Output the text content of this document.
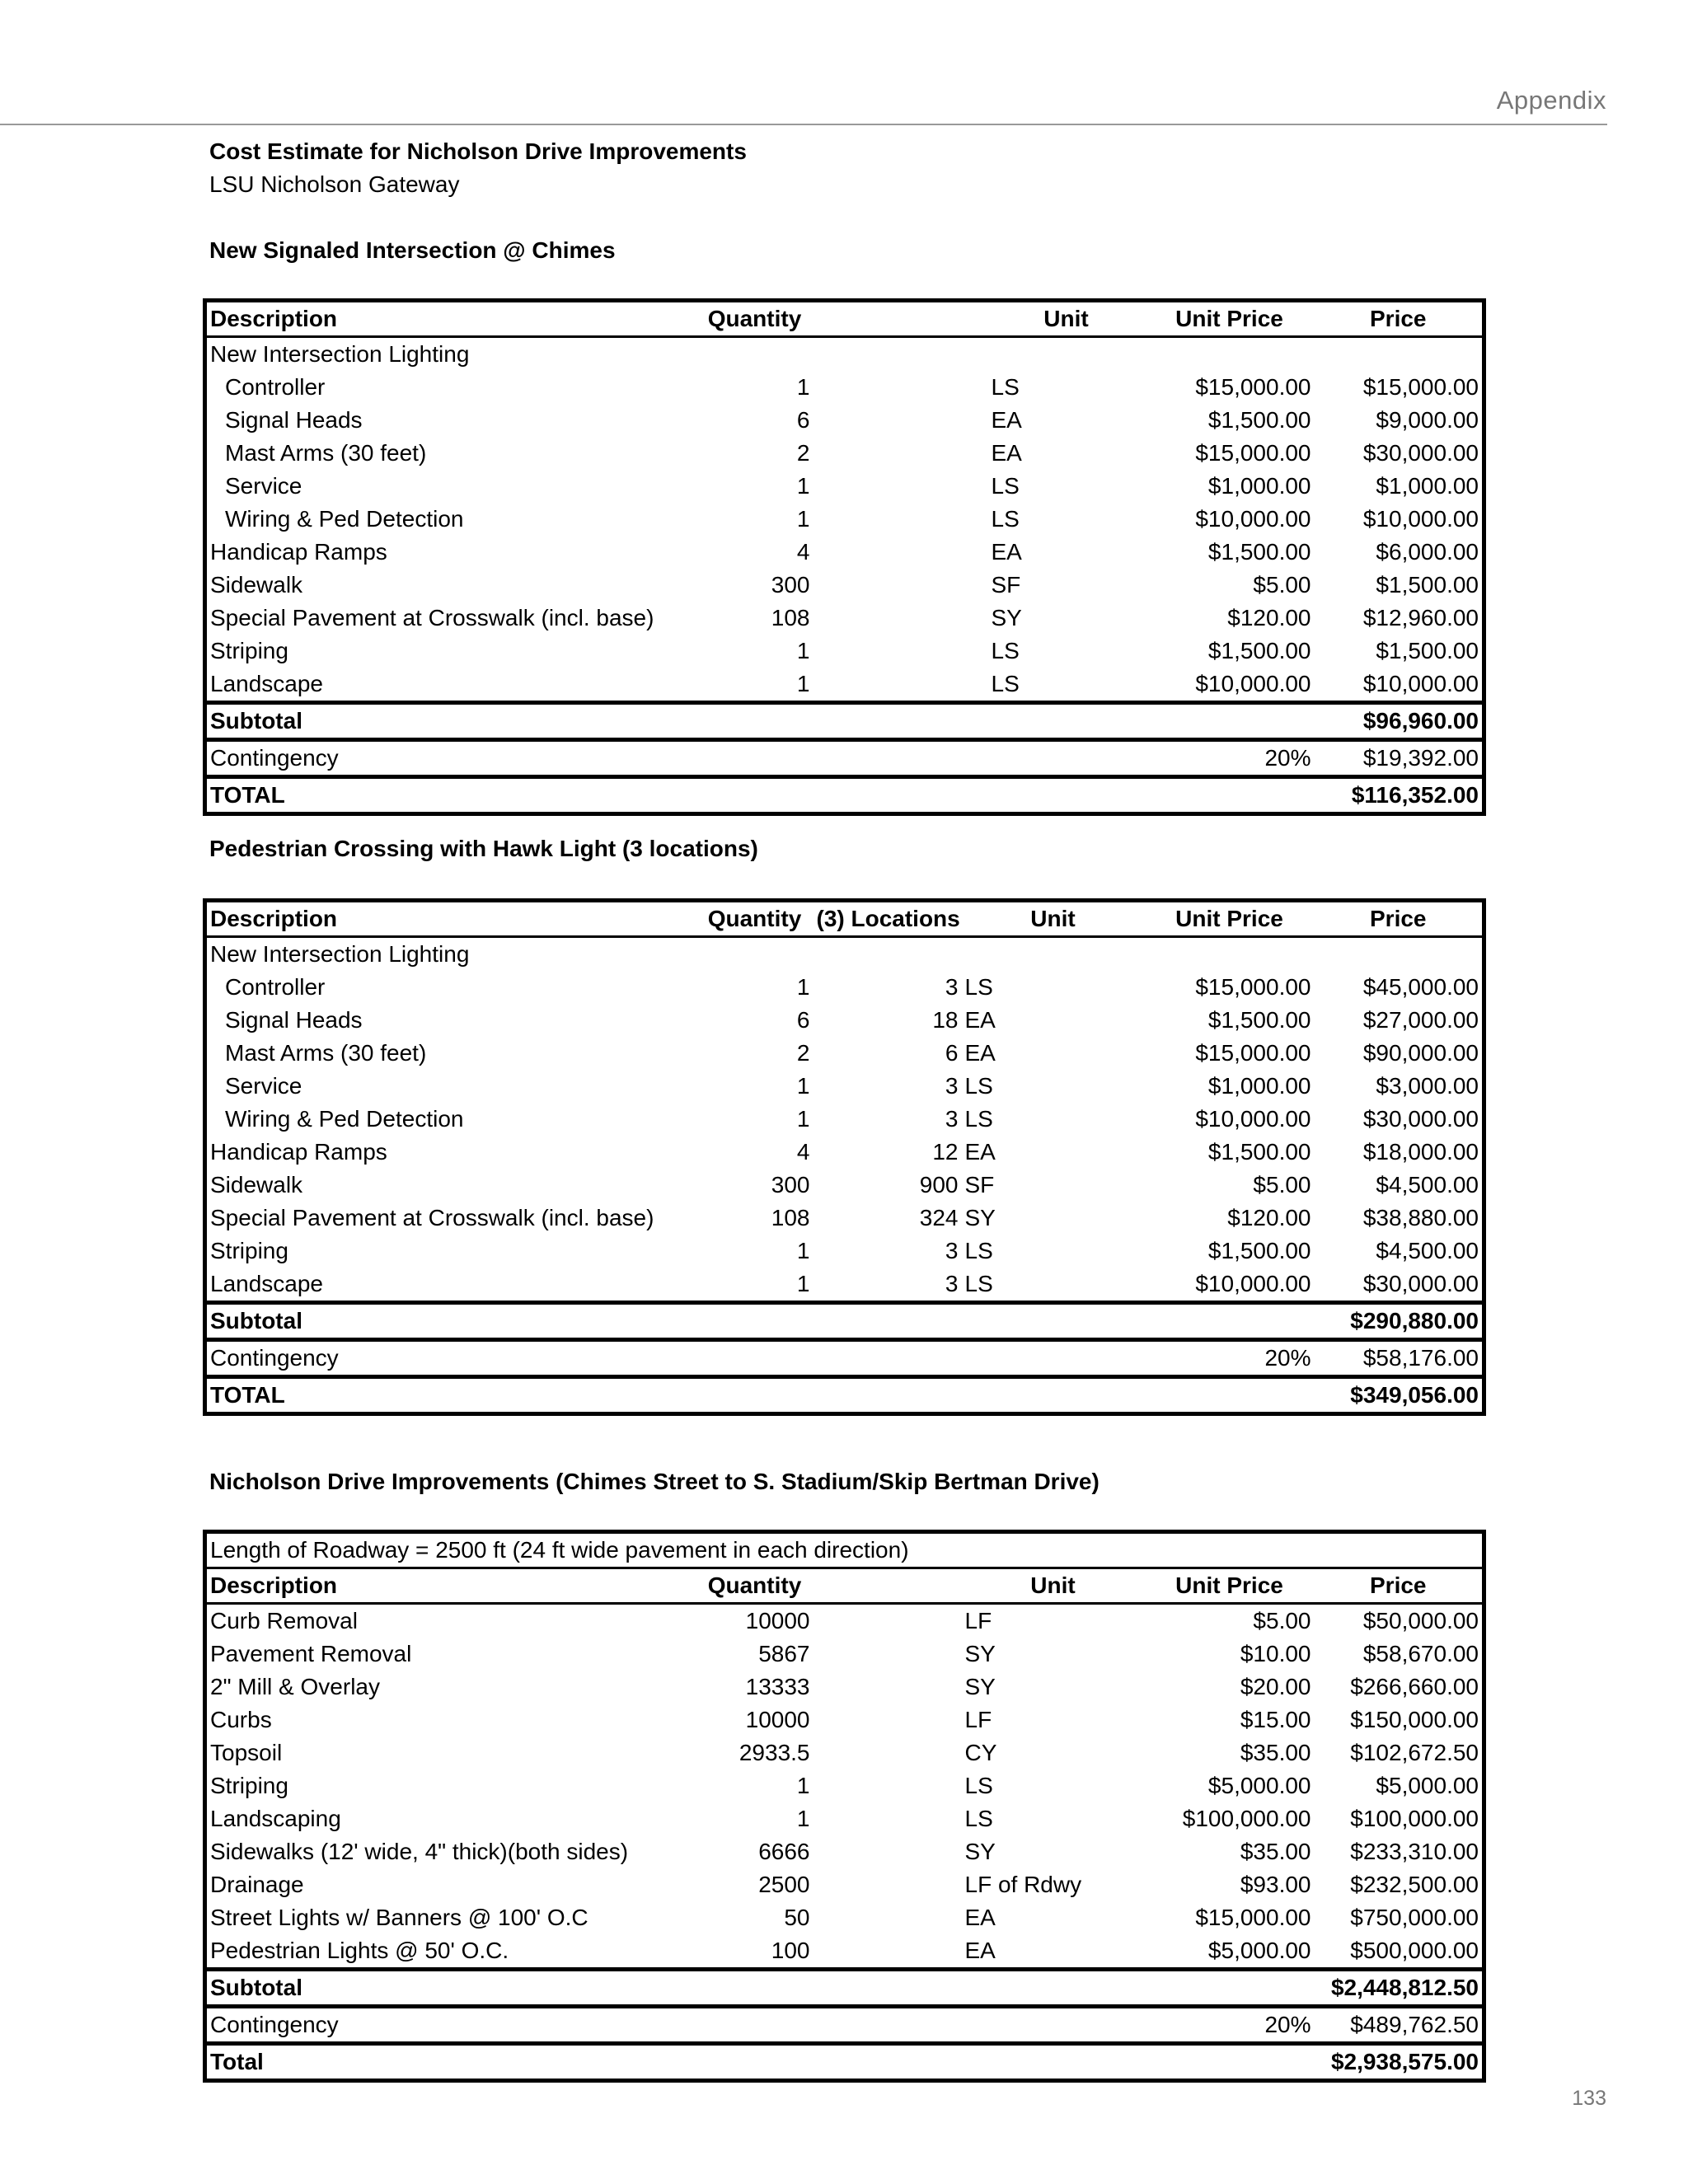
Appendix
Cost Estimate for Nicholson Drive Improvements
LSU Nicholson Gateway
New Signaled Intersection @ Chimes
Description	Quantity		Unit	Unit Price	Price
New Intersection Lighting					
Controller	1		LS	$15,000.00	$15,000.00
Signal Heads	6		EA	$1,500.00	$9,000.00
Mast Arms (30 feet)	2		EA	$15,000.00	$30,000.00
Service	1		LS	$1,000.00	$1,000.00
Wiring & Ped Detection	1		LS	$10,000.00	$10,000.00
Handicap Ramps	4		EA	$1,500.00	$6,000.00
Sidewalk	300		SF	$5.00	$1,500.00
Special Pavement at Crosswalk (incl. base)	108		SY	$120.00	$12,960.00
Striping	1		LS	$1,500.00	$1,500.00
Landscape	1		LS	$10,000.00	$10,000.00
Subtotal					$96,960.00
Contingency				20%	$19,392.00
TOTAL					$116,352.00
Pedestrian Crossing with Hawk Light (3 locations)
Description	Quantity	(3) Locations	Unit	Unit Price	Price
New Intersection Lighting					
Controller	1	3	LS	$15,000.00	$45,000.00
Signal Heads	6	18	EA	$1,500.00	$27,000.00
Mast Arms (30 feet)	2	6	EA	$15,000.00	$90,000.00
Service	1	3	LS	$1,000.00	$3,000.00
Wiring & Ped Detection	1	3	LS	$10,000.00	$30,000.00
Handicap Ramps	4	12	EA	$1,500.00	$18,000.00
Sidewalk	300	900	SF	$5.00	$4,500.00
Special Pavement at Crosswalk (incl. base)	108	324	SY	$120.00	$38,880.00
Striping	1	3	LS	$1,500.00	$4,500.00
Landscape	1	3	LS	$10,000.00	$30,000.00
Subtotal					$290,880.00
Contingency				20%	$58,176.00
TOTAL					$349,056.00
Nicholson Drive Improvements (Chimes Street to S. Stadium/Skip Bertman Drive)
Length of Roadway = 2500 ft (24 ft wide pavement in each direction)					
Description	Quantity		Unit	Unit Price	Price
Curb Removal	10000		LF	$5.00	$50,000.00
Pavement Removal	5867		SY	$10.00	$58,670.00
2" Mill & Overlay	13333		SY	$20.00	$266,660.00
Curbs	10000		LF	$15.00	$150,000.00
Topsoil	2933.5		CY	$35.00	$102,672.50
Striping	1		LS	$5,000.00	$5,000.00
Landscaping	1		LS	$100,000.00	$100,000.00
Sidewalks (12' wide, 4" thick)(both sides)	6666		SY	$35.00	$233,310.00
Drainage	2500		LF of Rdwy	$93.00	$232,500.00
Street Lights w/ Banners @ 100' O.C	50		EA	$15,000.00	$750,000.00
Pedestrian Lights @ 50' O.C.	100		EA	$5,000.00	$500,000.00
Subtotal					$2,448,812.50
Contingency				20%	$489,762.50
Total					$2,938,575.00
133
